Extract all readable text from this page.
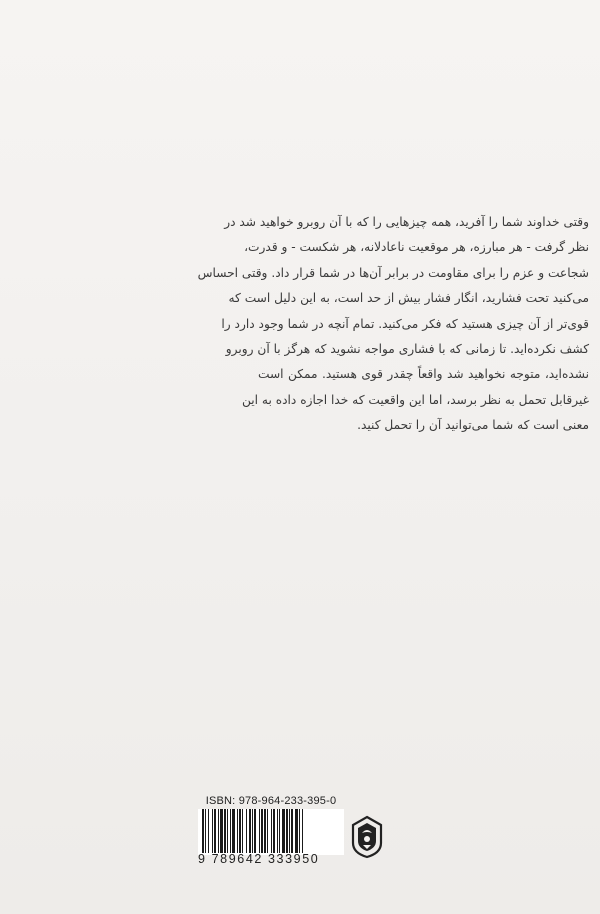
وقتی خداوند شما را آفرید، همه چیزهایی را که با آن روبرو خواهید شد در
نظر گرفت - هر مبارزه، هر موقعیت ناعادلانه، هر شکست - و قدرت،
شجاعت و عزم را برای مقاومت در برابر آن‌ها در شما قرار داد. وقتی احساس
می‌کنید تحت فشارید، انگار فشار بیش از حد است، به این دلیل است که
قوی‌تر از آن چیزی هستید که فکر می‌کنید. تمام آنچه در شما وجود دارد را
کشف نکرده‌اید. تا زمانی که با فشاری مواجه نشوید که هرگز با آن روبرو
نشده‌اید، متوجه نخواهید شد واقعاً چقدر قوی هستید. ممکن است
غیرقابل تحمل به نظر برسد، اما این واقعیت که خدا اجازه داده به این
معنی است که شما می‌توانید آن را تحمل کنید.
ISBN: 978-964-233-395-0
9 789642 333950
